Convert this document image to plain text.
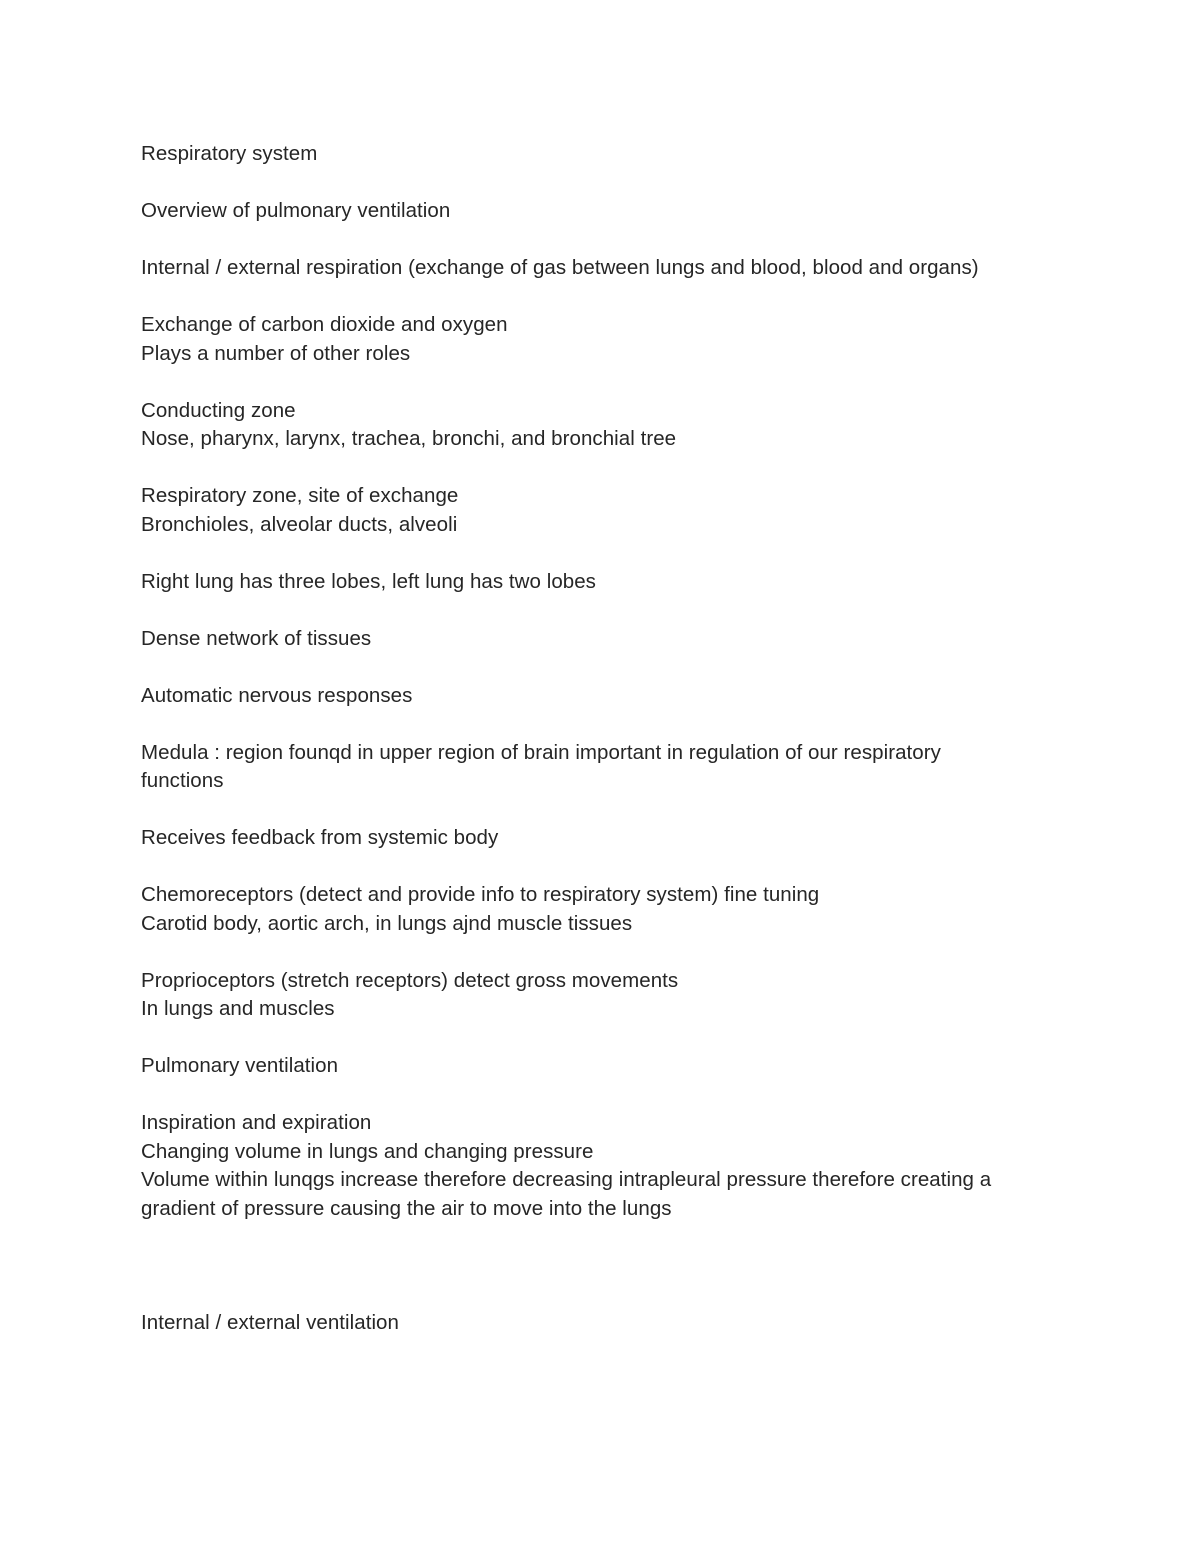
Respiratory system
Overview of pulmonary ventilation
Internal / external respiration (exchange of gas between lungs and blood, blood and organs)
Exchange of carbon dioxide and oxygen
Plays a number of other roles
Conducting zone
Nose, pharynx, larynx, trachea, bronchi, and bronchial tree
Respiratory zone, site of exchange
Bronchioles, alveolar ducts, alveoli
Right lung has three lobes, left lung has two lobes
Dense network of tissues
Automatic nervous responses
Medula : region founqd in upper region of brain important in regulation of our respiratory
functions
Receives feedback from systemic body
Chemoreceptors (detect and provide info to respiratory system) fine tuning
Carotid body, aortic arch, in lungs ajnd muscle tissues
Proprioceptors (stretch receptors) detect gross movements
In lungs and muscles
Pulmonary ventilation
Inspiration and expiration
Changing volume in lungs and changing pressure
Volume within lunqgs increase therefore decreasing intrapleural pressure therefore creating a
gradient of pressure causing the air to move into the lungs
Internal / external ventilation
